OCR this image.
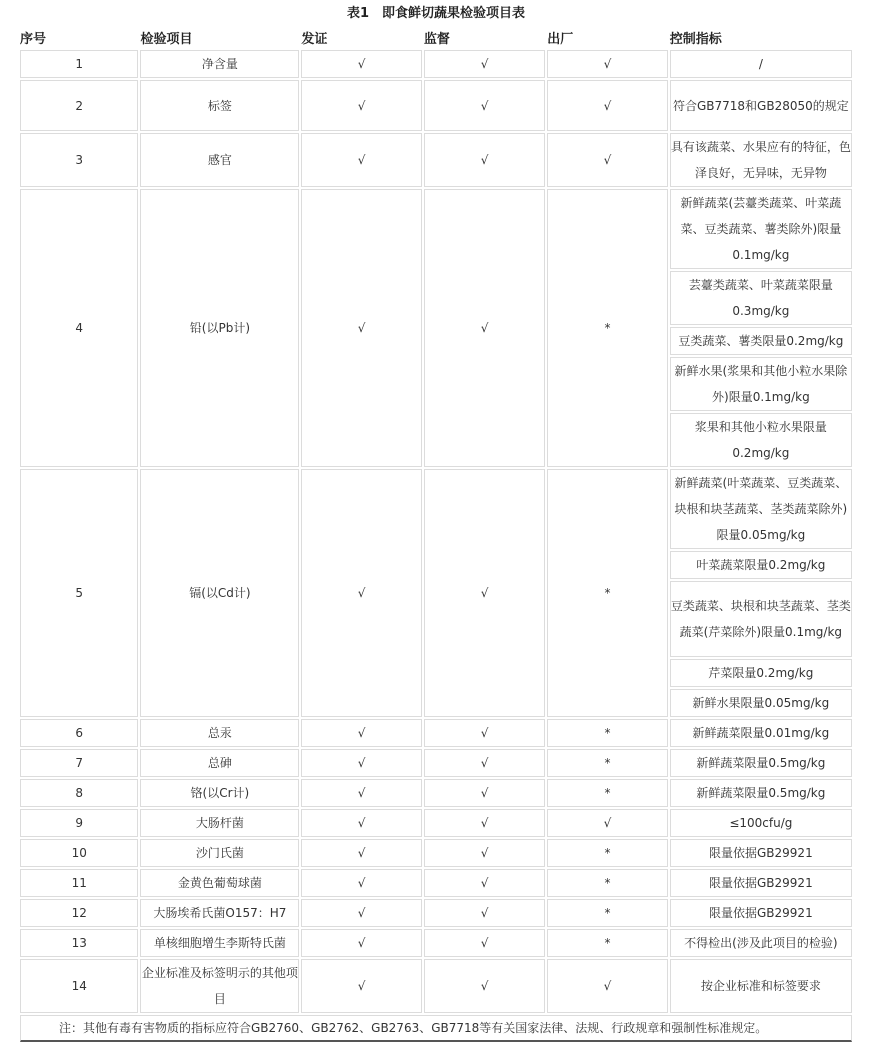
表1　即食鲜切蔬果检验项目表
序号	检验项目	发证	监督	出厂	控制指标
1	净含量	√	√	√	/
2	标签	√	√	√	符合GB7718和GB28050的规定
3	感官	√	√	√	具有该蔬菜、水果应有的特征，色泽良好，无异味，无异物
4	铅(以Pb计)	√	√	*	新鲜蔬菜(芸薹类蔬菜、叶菜蔬菜、豆类蔬菜、薯类除外)限量0.1mg/kg
					芸薹类蔬菜、叶菜蔬菜限量0.3mg/kg
					豆类蔬菜、薯类限量0.2mg/kg
					新鲜水果(浆果和其他小粒水果除外)限量0.1mg/kg
					浆果和其他小粒水果限量0.2mg/kg
5	镉(以Cd计)	√	√	*	新鲜蔬菜(叶菜蔬菜、豆类蔬菜、块根和块茎蔬菜、茎类蔬菜除外)限量0.05mg/kg
					叶菜蔬菜限量0.2mg/kg
					豆类蔬菜、块根和块茎蔬菜、茎类蔬菜(芹菜除外)限量0.1mg/kg
					芹菜限量0.2mg/kg
					新鲜水果限量0.05mg/kg
6	总汞	√	√	*	新鲜蔬菜限量0.01mg/kg
7	总砷	√	√	*	新鲜蔬菜限量0.5mg/kg
8	铬(以Cr计)	√	√	*	新鲜蔬菜限量0.5mg/kg
9	大肠杆菌	√	√	√	≤100cfu/g
10	沙门氏菌	√	√	*	限量依据GB29921
11	金黄色葡萄球菌	√	√	*	限量依据GB29921
12	大肠埃希氏菌O157：H7	√	√	*	限量依据GB29921
13	单核细胞增生李斯特氏菌	√	√	*	不得检出(涉及此项目的检验)
14	企业标准及标签明示的其他项目	√	√	√	按企业标准和标签要求
注：其他有毒有害物质的指标应符合GB2760、GB2762、GB2763、GB7718等有关国家法律、法规、行政规章和强制性标准规定。					
